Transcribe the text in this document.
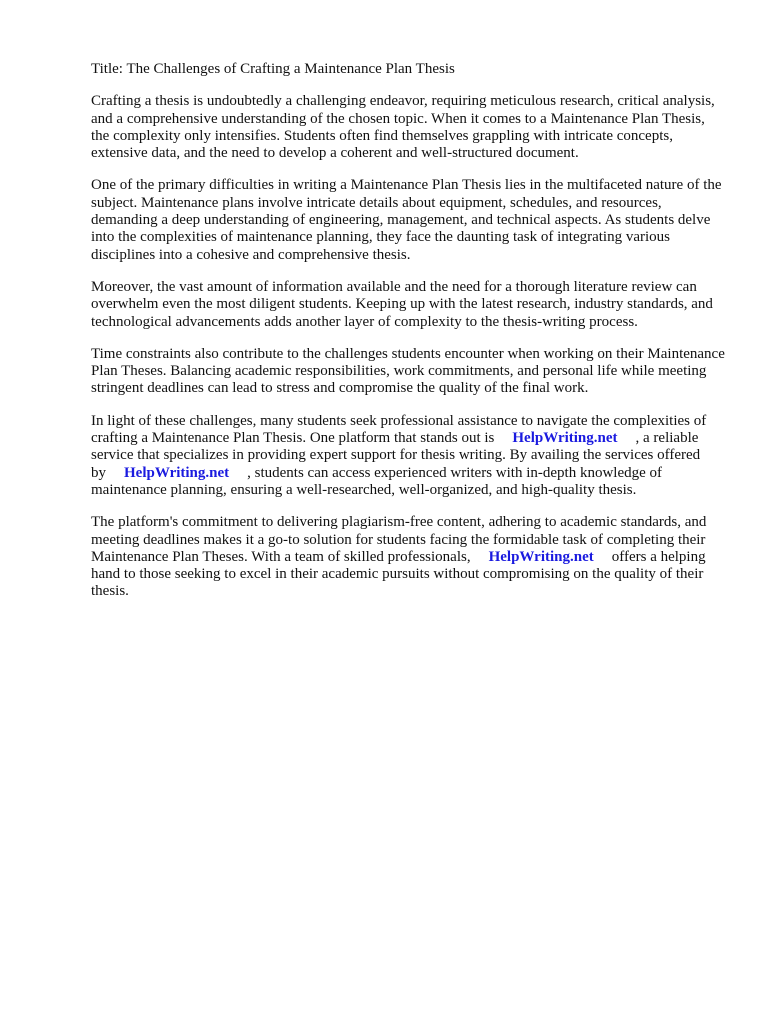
Title: The Challenges of Crafting a Maintenance Plan Thesis

Crafting a thesis is undoubtedly a challenging endeavor, requiring meticulous research, critical analysis, and a comprehensive understanding of the chosen topic. When it comes to a Maintenance Plan Thesis, the complexity only intensifies. Students often find themselves grappling with intricate concepts, extensive data, and the need to develop a coherent and well-structured document.

One of the primary difficulties in writing a Maintenance Plan Thesis lies in the multifaceted nature of the subject. Maintenance plans involve intricate details about equipment, schedules, and resources, demanding a deep understanding of engineering, management, and technical aspects. As students delve into the complexities of maintenance planning, they face the daunting task of integrating various disciplines into a cohesive and comprehensive thesis.

Moreover, the vast amount of information available and the need for a thorough literature review can overwhelm even the most diligent students. Keeping up with the latest research, industry standards, and technological advancements adds another layer of complexity to the thesis-writing process.

Time constraints also contribute to the challenges students encounter when working on their Maintenance Plan Theses. Balancing academic responsibilities, work commitments, and personal life while meeting stringent deadlines can lead to stress and compromise the quality of the final work.

In light of these challenges, many students seek professional assistance to navigate the complexities of crafting a Maintenance Plan Thesis. One platform that stands out is HelpWriting.net , a reliable service that specializes in providing expert support for thesis writing. By availing the services offered by HelpWriting.net , students can access experienced writers with in-depth knowledge of maintenance planning, ensuring a well-researched, well-organized, and high-quality thesis.

The platform's commitment to delivering plagiarism-free content, adhering to academic standards, and meeting deadlines makes it a go-to solution for students facing the formidable task of completing their Maintenance Plan Theses. With a team of skilled professionals, HelpWriting.net offers a helping hand to those seeking to excel in their academic pursuits without compromising on the quality of their thesis.
